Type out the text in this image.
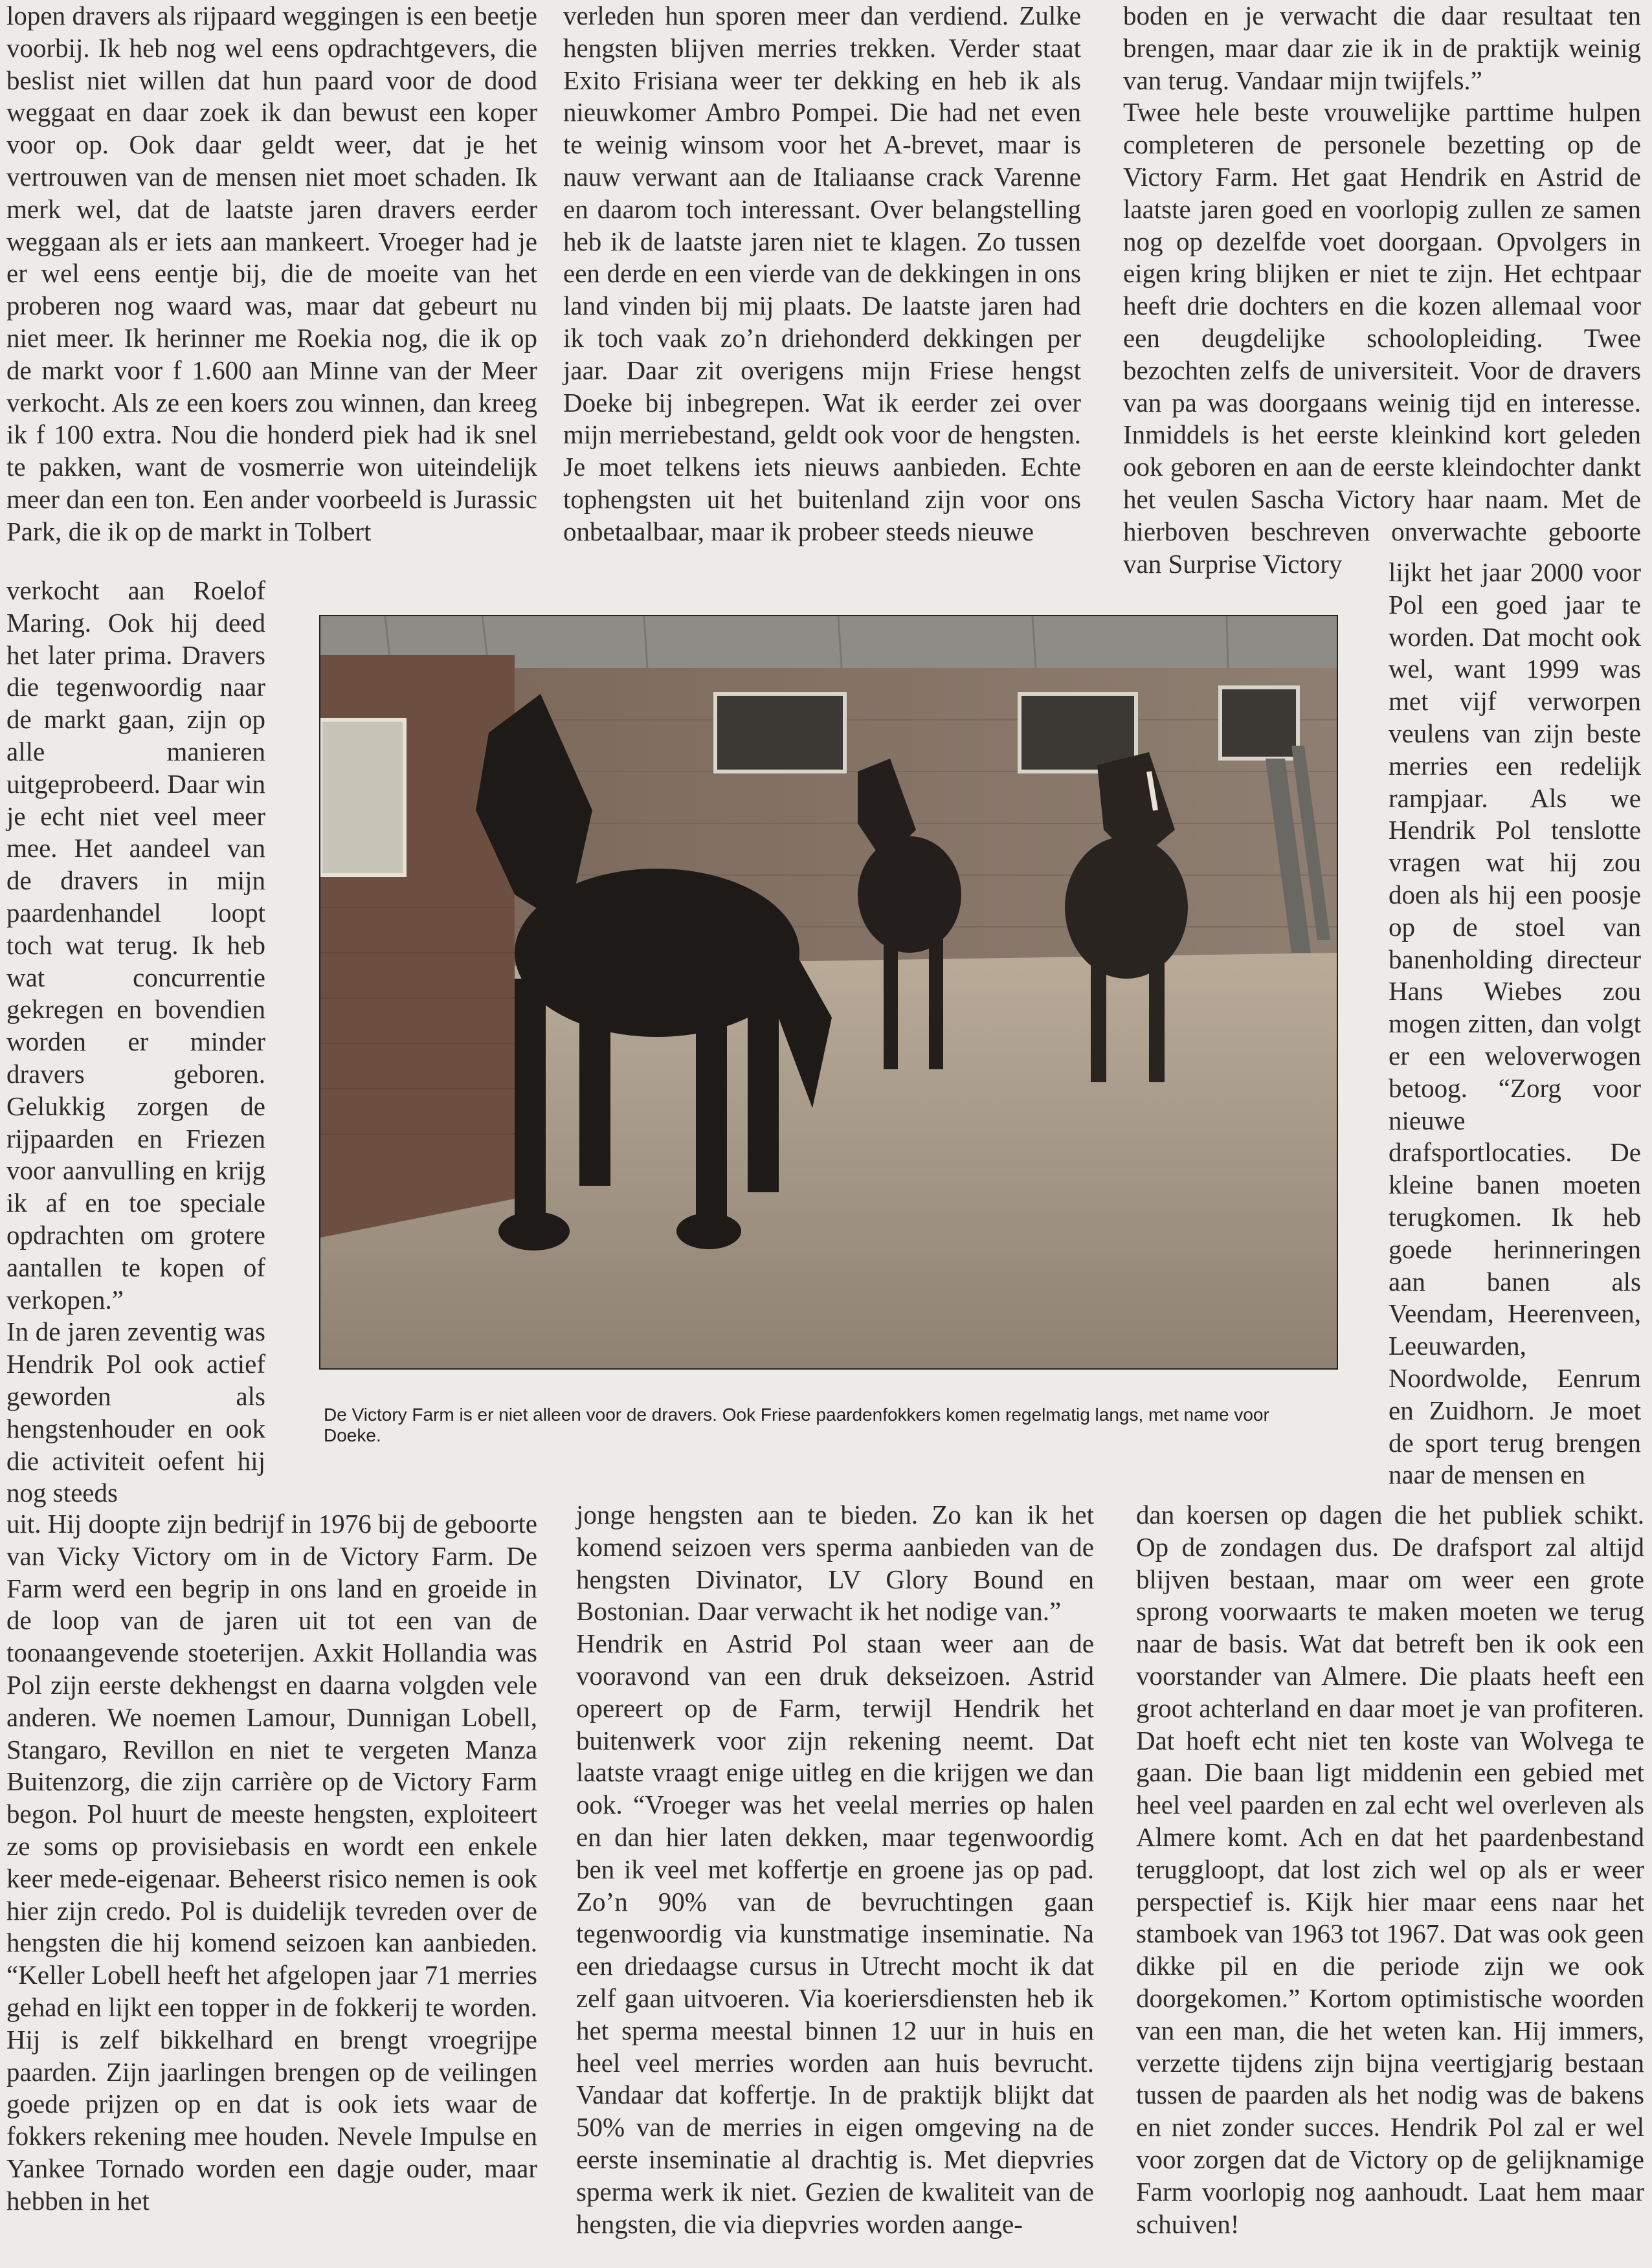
lopen dravers als rijpaard weggingen is een beetje voorbij. Ik heb nog wel eens opdrachtgevers, die beslist niet willen dat hun paard voor de dood weggaat en daar zoek ik dan bewust een koper voor op. Ook daar geldt weer, dat je het vertrouwen van de mensen niet moet schaden. Ik merk wel, dat de laatste jaren dravers eerder weggaan als er iets aan mankeert. Vroeger had je er wel eens eentje bij, die de moeite van het proberen nog waard was, maar dat gebeurt nu niet meer. Ik herinner me Roekia nog, die ik op de markt voor f 1.600 aan Minne van der Meer verkocht. Als ze een koers zou winnen, dan kreeg ik f 100 extra. Nou die honderd piek had ik snel te pakken, want de vosmerrie won uiteindelijk meer dan een ton. Een ander voorbeeld is Jurassic Park, die ik op de markt in Tolbert

verleden hun sporen meer dan verdiend. Zulke hengsten blijven merries trekken. Verder staat Exito Frisiana weer ter dekking en heb ik als nieuwkomer Ambro Pompei. Die had net even te weinig winsom voor het A-brevet, maar is nauw verwant aan de Italiaanse crack Varenne en daarom toch interessant. Over belangstelling heb ik de laatste jaren niet te klagen. Zo tussen een derde en een vierde van de dekkingen in ons land vinden bij mij plaats. De laatste jaren had ik toch vaak zo’n driehonderd dekkingen per jaar. Daar zit overigens mijn Friese hengst Doeke bij inbegrepen. Wat ik eerder zei over mijn merriebestand, geldt ook voor de hengsten. Je moet telkens iets nieuws aanbieden. Echte tophengsten uit het buitenland zijn voor ons onbetaalbaar, maar ik probeer steeds nieuwe

boden en je verwacht die daar resultaat ten brengen, maar daar zie ik in de praktijk weinig van terug. Vandaar mijn twijfels.”

Twee hele beste vrouwelijke parttime hulpen completeren de personele bezetting op de Victory Farm. Het gaat Hendrik en Astrid de laatste jaren goed en voorlopig zullen ze samen nog op dezelfde voet doorgaan. Opvolgers in eigen kring blijken er niet te zijn. Het echtpaar heeft drie dochters en die kozen allemaal voor een deugdelijke schoolopleiding. Twee bezochten zelfs de universiteit. Voor de dravers van pa was doorgaans weinig tijd en interesse. Inmiddels is het eerste kleinkind kort geleden ook geboren en aan de eerste kleindochter dankt het veulen Sascha Victory haar naam. Met de hierboven beschreven onverwachte geboorte van Surprise Victory

verkocht aan Roelof Maring. Ook hij deed het later prima. Dravers die tegenwoordig naar de markt gaan, zijn op alle manieren uitgeprobeerd. Daar win je echt niet veel meer mee. Het aandeel van de dravers in mijn paardenhandel loopt toch wat terug. Ik heb wat concurrentie gekregen en bovendien worden er minder dravers geboren. Gelukkig zorgen de rijpaarden en Friezen voor aanvulling en krijg ik af en toe speciale opdrachten om grotere aantallen te kopen of verkopen.”

In de jaren zeventig was Hendrik Pol ook actief geworden als hengstenhouder en ook die activiteit oefent hij nog steeds

lijkt het jaar 2000 voor Pol een goed jaar te worden. Dat mocht ook wel, want 1999 was met vijf verworpen veulens van zijn beste merries een redelijk rampjaar. Als we Hendrik Pol tenslotte vragen wat hij zou doen als hij een poosje op de stoel van banenholding directeur Hans Wiebes zou mogen zitten, dan volgt er een weloverwogen betoog. “Zorg voor nieuwe drafsportlocaties. De kleine banen moeten terugkomen. Ik heb goede herinneringen aan banen als Veendam, Heerenveen, Leeuwarden, Noordwolde, Eenrum en Zuidhorn. Je moet de sport terug brengen naar de mensen en

De Victory Farm is er niet alleen voor de dravers. Ook Friese paardenfokkers komen regelmatig langs, met name voor Doeke.

uit. Hij doopte zijn bedrijf in 1976 bij de geboorte van Vicky Victory om in de Victory Farm. De Farm werd een begrip in ons land en groeide in de loop van de jaren uit tot een van de toonaangevende stoeterijen. Axkit Hollandia was Pol zijn eerste dekhengst en daarna volgden vele anderen. We noemen Lamour, Dunnigan Lobell, Stangaro, Revillon en niet te vergeten Manza Buitenzorg, die zijn carrière op de Victory Farm begon. Pol huurt de meeste hengsten, exploiteert ze soms op provisiebasis en wordt een enkele keer mede-eigenaar. Beheerst risico nemen is ook hier zijn credo. Pol is duidelijk tevreden over de hengsten die hij komend seizoen kan aanbieden. “Keller Lobell heeft het afgelopen jaar 71 merries gehad en lijkt een topper in de fokkerij te worden. Hij is zelf bikkelhard en brengt vroegrijpe paarden. Zijn jaarlingen brengen op de veilingen goede prijzen op en dat is ook iets waar de fokkers rekening mee houden. Nevele Impulse en Yankee Tornado worden een dagje ouder, maar hebben in het

jonge hengsten aan te bieden. Zo kan ik het komend seizoen vers sperma aanbieden van de hengsten Divinator, LV Glory Bound en Bostonian. Daar verwacht ik het nodige van.”

Hendrik en Astrid Pol staan weer aan de vooravond van een druk dekseizoen. Astrid opereert op de Farm, terwijl Hendrik het buitenwerk voor zijn rekening neemt. Dat laatste vraagt enige uitleg en die krijgen we dan ook. “Vroeger was het veelal merries op halen en dan hier laten dekken, maar tegenwoordig ben ik veel met koffertje en groene jas op pad. Zo’n 90% van de bevruchtingen gaan tegenwoordig via kunstmatige inseminatie. Na een driedaagse cursus in Utrecht mocht ik dat zelf gaan uitvoeren. Via koeriersdiensten heb ik het sperma meestal binnen 12 uur in huis en heel veel merries worden aan huis bevrucht. Vandaar dat koffertje. In de praktijk blijkt dat 50% van de merries in eigen omgeving na de eerste inseminatie al drachtig is. Met diepvries sperma werk ik niet. Gezien de kwaliteit van de hengsten, die via diepvries worden aange-

dan koersen op dagen die het publiek schikt. Op de zondagen dus. De drafsport zal altijd blijven bestaan, maar om weer een grote sprong voorwaarts te maken moeten we terug naar de basis. Wat dat betreft ben ik ook een voorstander van Almere. Die plaats heeft een groot achterland en daar moet je van profiteren. Dat hoeft echt niet ten koste van Wolvega te gaan. Die baan ligt middenin een gebied met heel veel paarden en zal echt wel overleven als Almere komt. Ach en dat het paardenbestand teruggloopt, dat lost zich wel op als er weer perspectief is. Kijk hier maar eens naar het stamboek van 1963 tot 1967. Dat was ook geen dikke pil en die periode zijn we ook doorgekomen.” Kortom optimistische woorden van een man, die het weten kan. Hij immers, verzette tijdens zijn bijna veertigjarig bestaan tussen de paarden als het nodig was de bakens en niet zonder succes. Hendrik Pol zal er wel voor zorgen dat de Victory op de gelijknamige Farm voorlopig nog aanhoudt. Laat hem maar schuiven!
